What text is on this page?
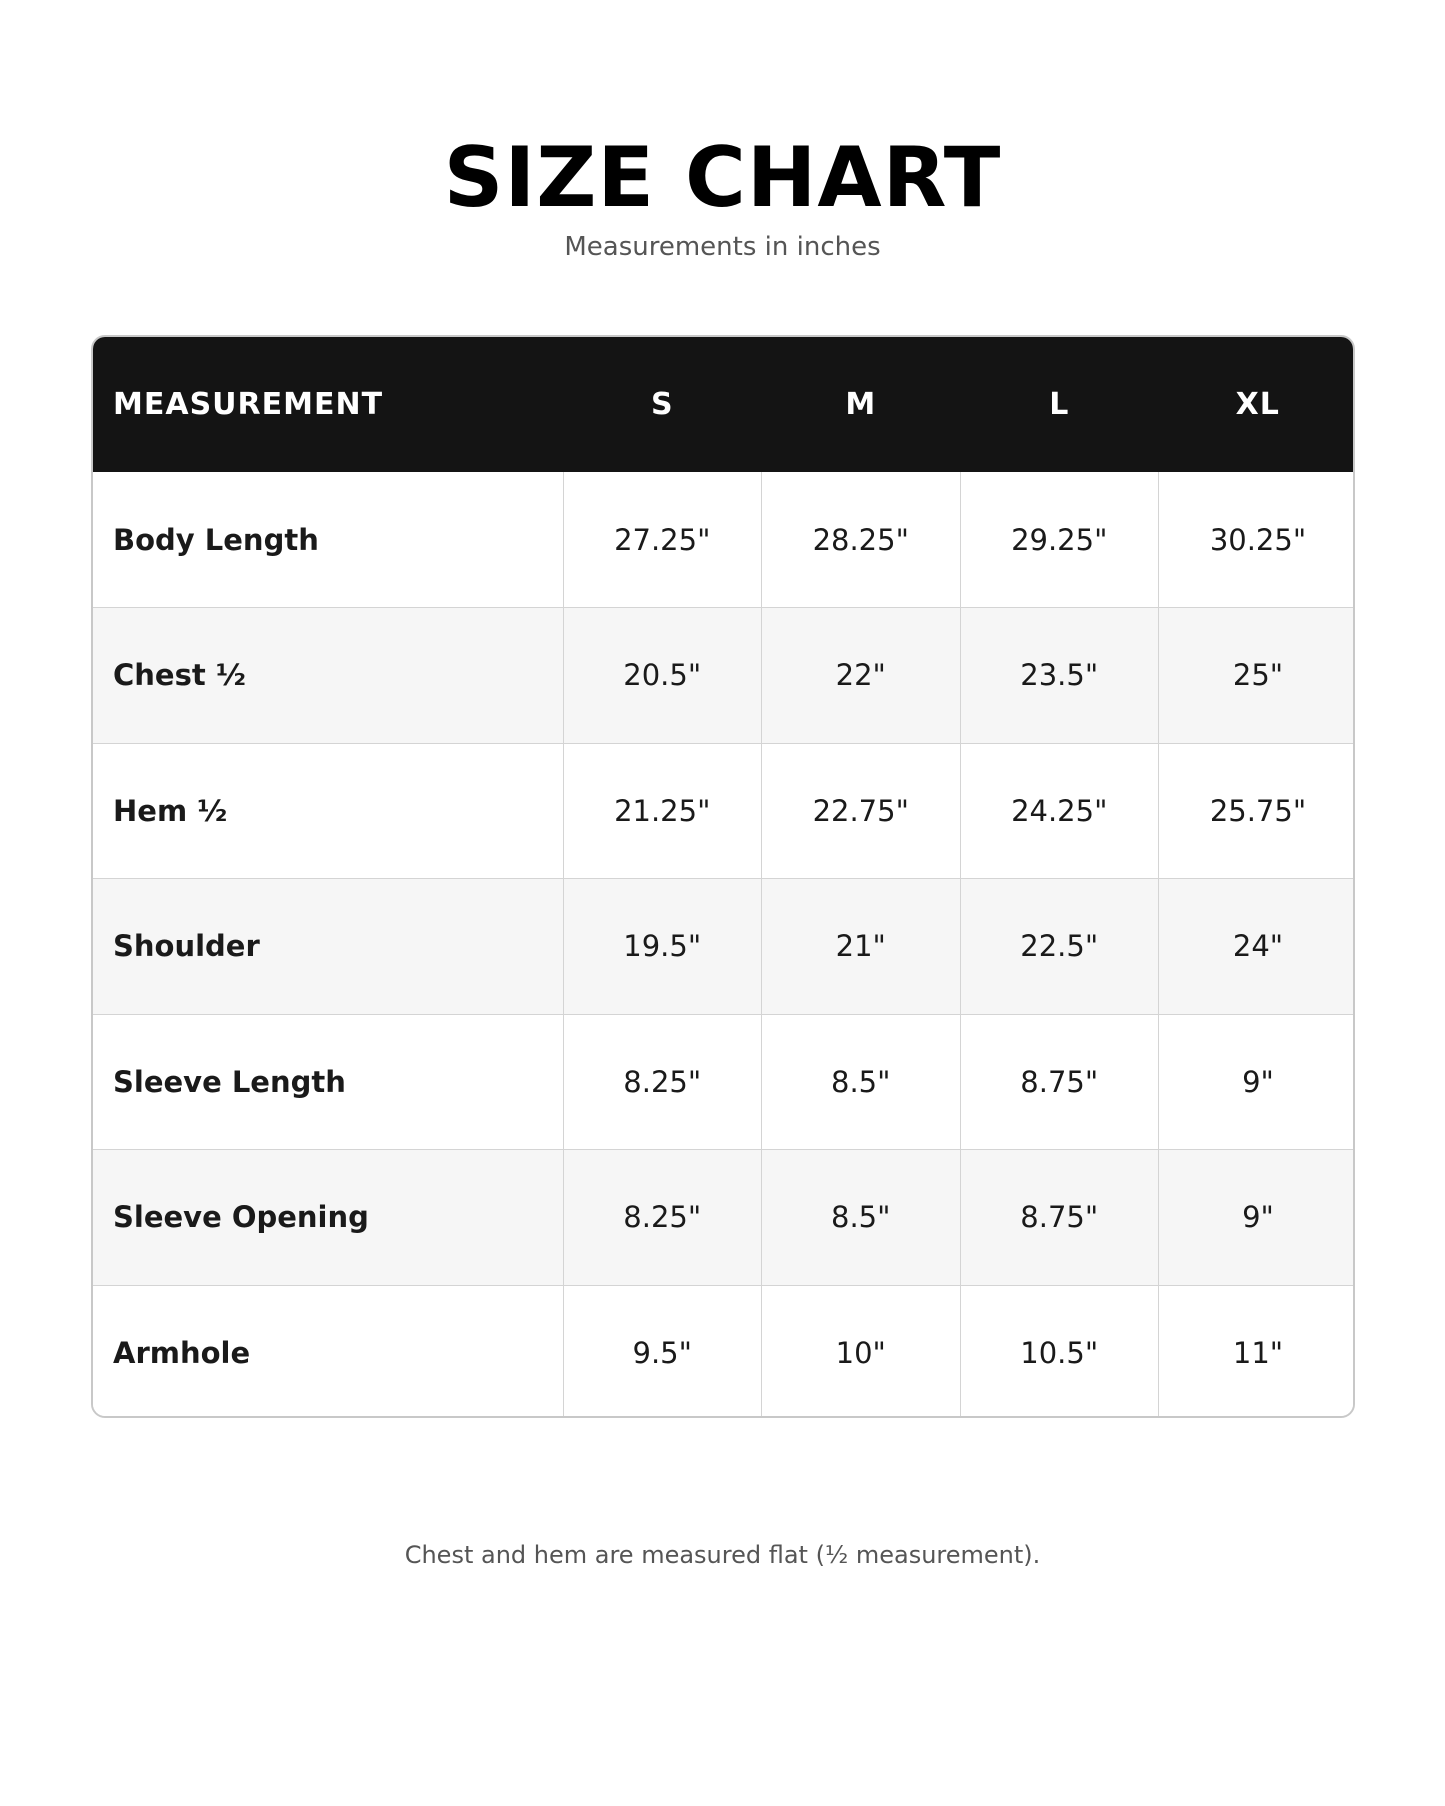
SIZE CHART
Measurements in inches
MEASUREMENT	S	M	L	XL
Body Length	27.25"	28.25"	29.25"	30.25"
Chest ½	20.5"	22"	23.5"	25"
Hem ½	21.25"	22.75"	24.25"	25.75"
Shoulder	19.5"	21"	22.5"	24"
Sleeve Length	8.25"	8.5"	8.75"	9"
Sleeve Opening	8.25"	8.5"	8.75"	9"
Armhole	9.5"	10"	10.5"	11"
Chest and hem are measured flat (½ measurement).
